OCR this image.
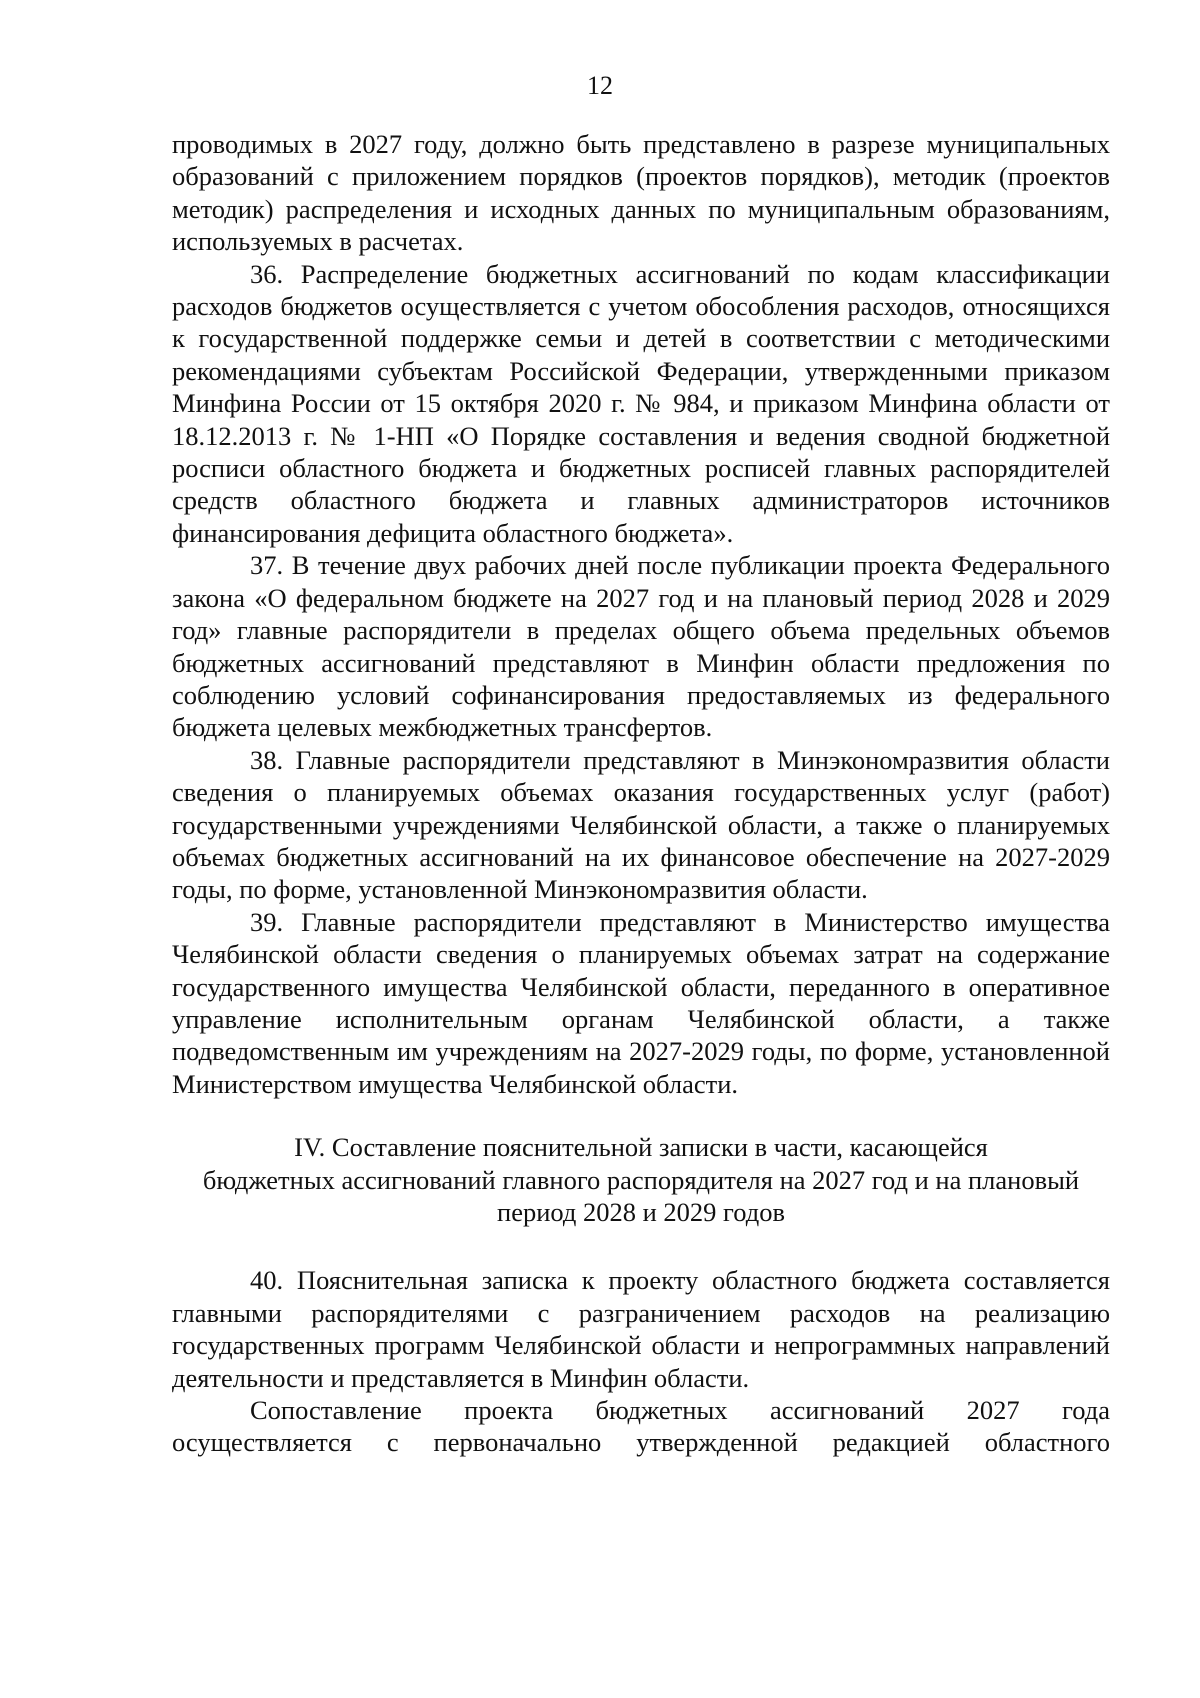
12

проводимых в 2027 году, должно быть представлено в разрезе муниципальных образований с приложением порядков (проектов порядков), методик (проектов методик) распределения и исходных данных по муниципальным образованиям, используемых в расчетах.

36. Распределение бюджетных ассигнований по кодам классификации расходов бюджетов осуществляется с учетом обособления расходов, относящихся к государственной поддержке семьи и детей в соответствии с методическими рекомендациями субъектам Российской Федерации, утвержденными приказом Минфина России от 15 октября 2020 г. № 984, и приказом Минфина области от 18.12.2013 г. № 1-НП «О Порядке составления и ведения сводной бюджетной росписи областного бюджета и бюджетных росписей главных распорядителей средств областного бюджета и главных администраторов источников финансирования дефицита областного бюджета».

37. В течение двух рабочих дней после публикации проекта Федерального закона «О федеральном бюджете на 2027 год и на плановый период 2028 и 2029 год» главные распорядители в пределах общего объема предельных объемов бюджетных ассигнований представляют в Минфин области предложения по соблюдению условий софинансирования предоставляемых из федерального бюджета целевых межбюджетных трансфертов.

38. Главные распорядители представляют в Минэкономразвития области сведения о планируемых объемах оказания государственных услуг (работ) государственными учреждениями Челябинской области, а также о планируемых объемах бюджетных ассигнований на их финансовое обеспечение на 2027-2029 годы, по форме, установленной Минэкономразвития области.

39. Главные распорядители представляют в Министерство имущества Челябинской области сведения о планируемых объемах затрат на содержание государственного имущества Челябинской области, переданного в оперативное управление исполнительным органам Челябинской области, а также подведомственным им учреждениям на 2027-2029 годы, по форме, установленной Министерством имущества Челябинской области.

IV. Составление пояснительной записки в части, касающейся
бюджетных ассигнований главного распорядителя на 2027 год и на плановый
период 2028 и 2029 годов

40. Пояснительная записка к проекту областного бюджета составляется главными распорядителями с разграничением расходов на реализацию государственных программ Челябинской области и непрограммных направлений деятельности и представляется в Минфин области.

Сопоставление проекта бюджетных ассигнований 2027 года осуществляется с первоначально утвержденной редакцией областного
